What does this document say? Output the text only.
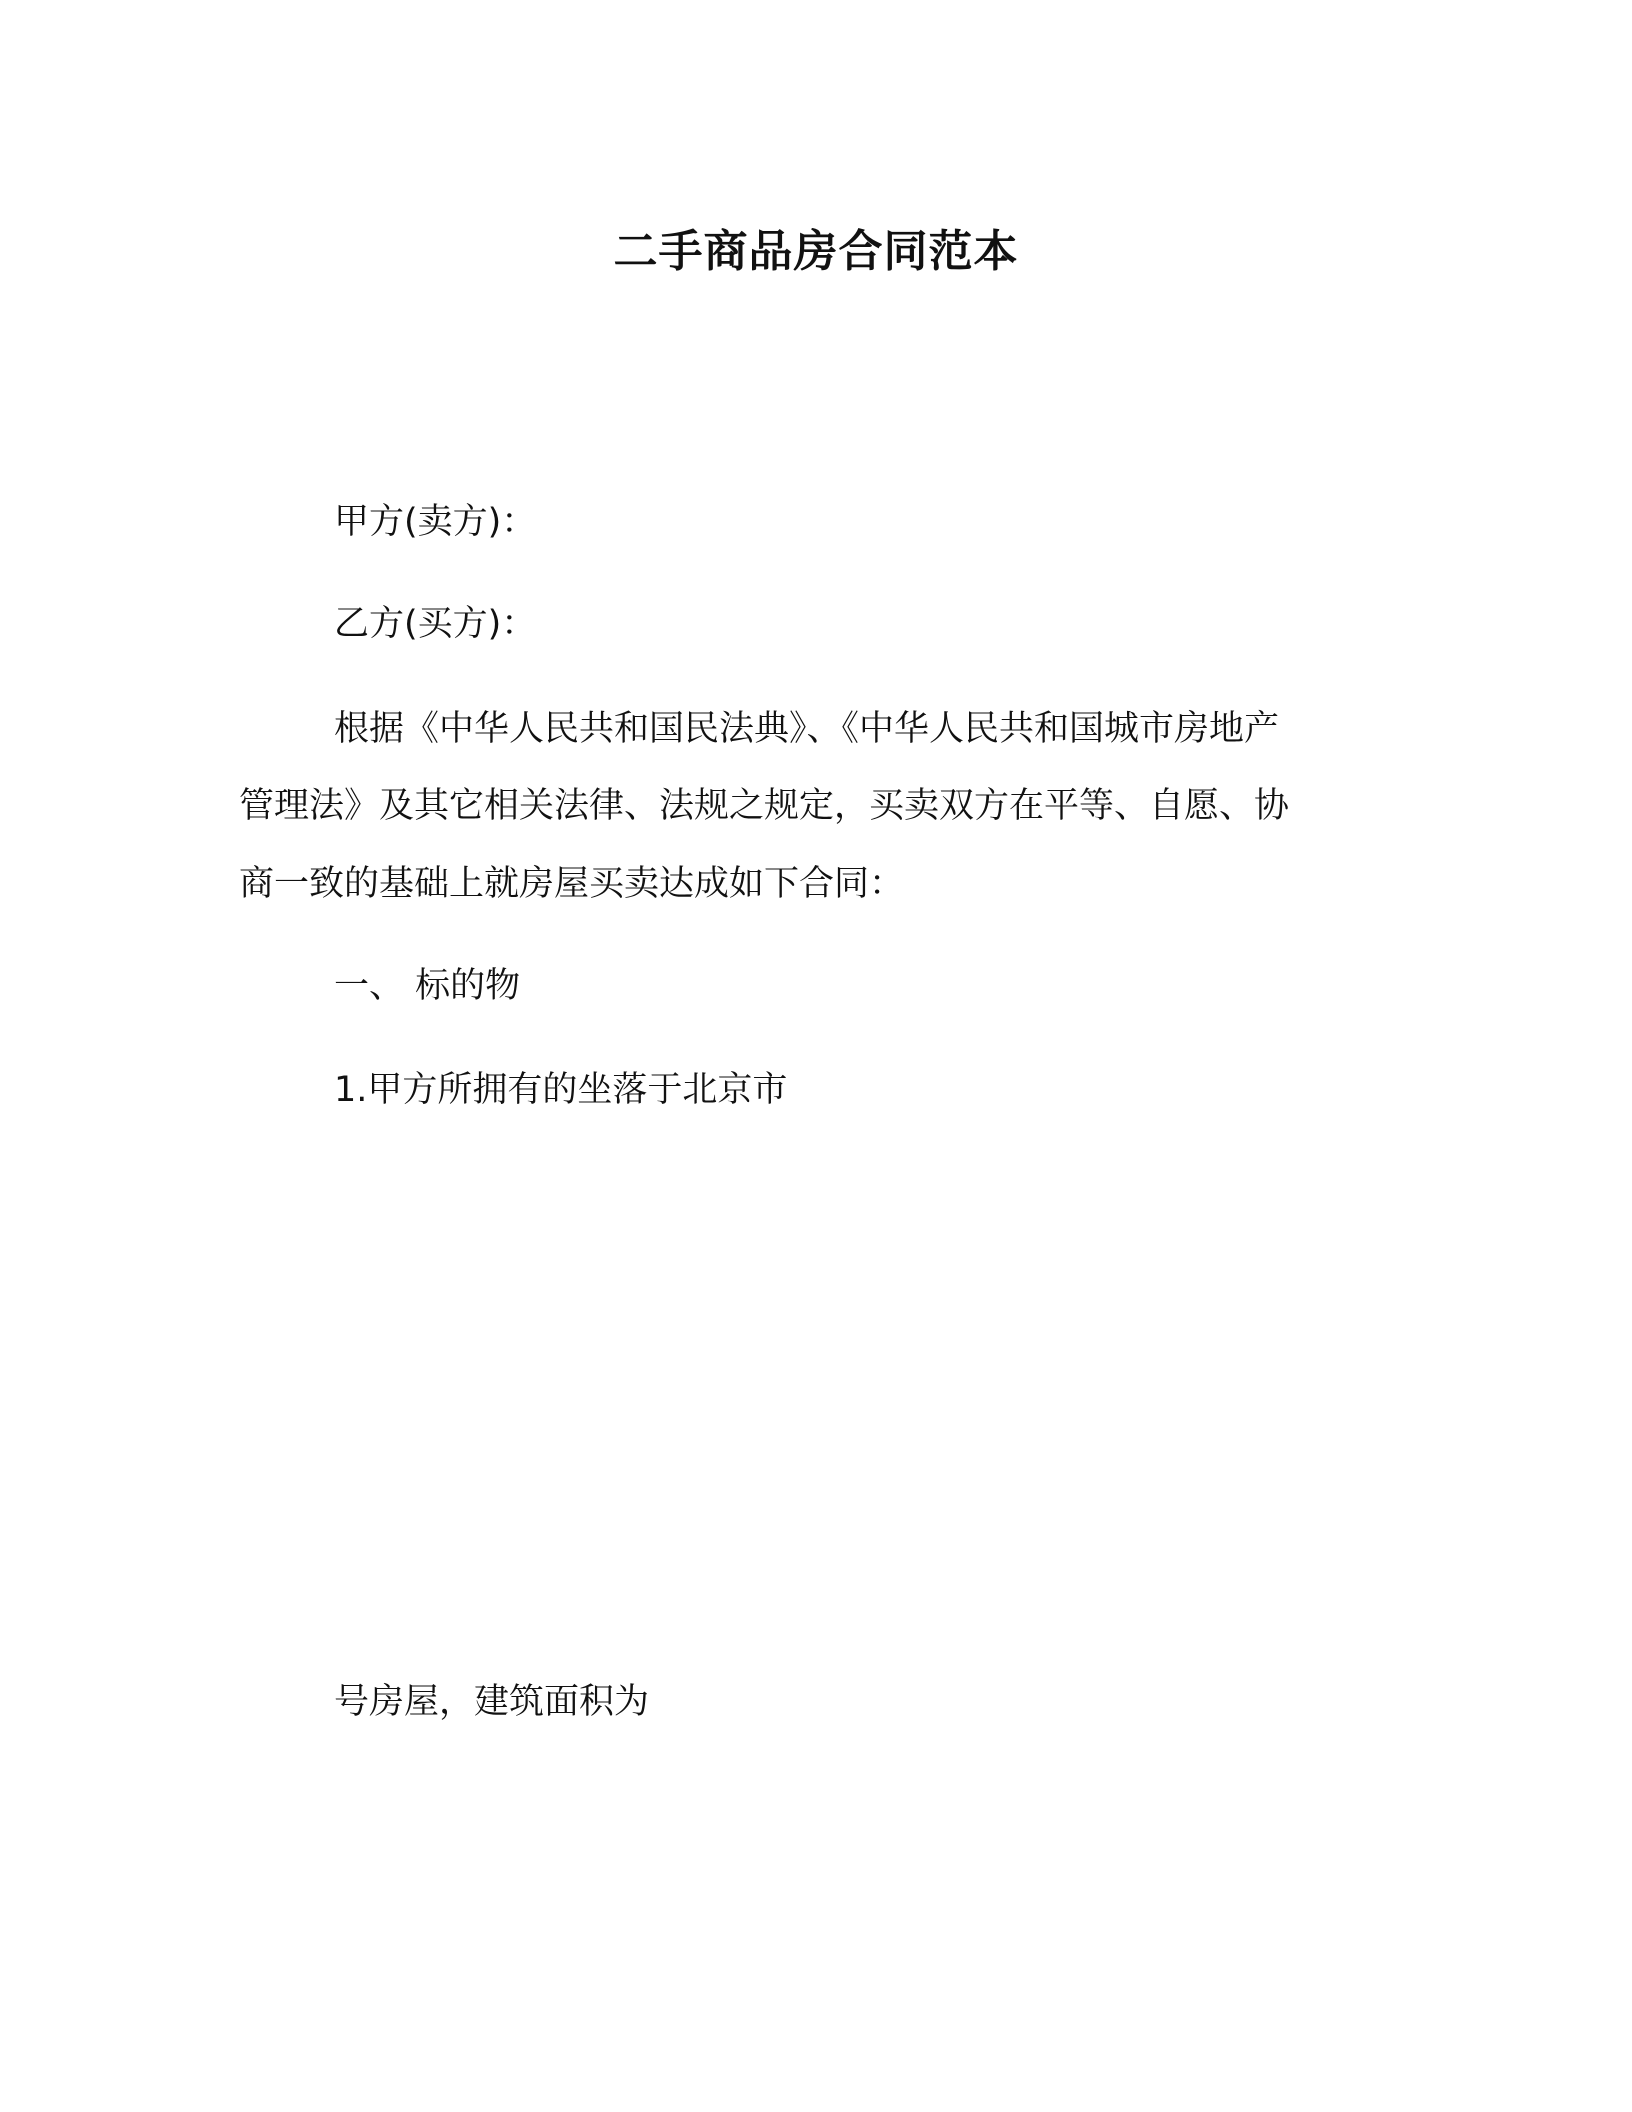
二手商品房合同范本
甲方(卖方)：
乙方(买方)：
根据《中华人民共和国民法典》、《中华人民共和国城市房地产
管理法》及其它相关法律、法规之规定，买卖双方在平等、自愿、协
商一致的基础上就房屋买卖达成如下合同：
一、 标的物
1.甲方所拥有的坐落于北京市
号房屋，建筑面积为
